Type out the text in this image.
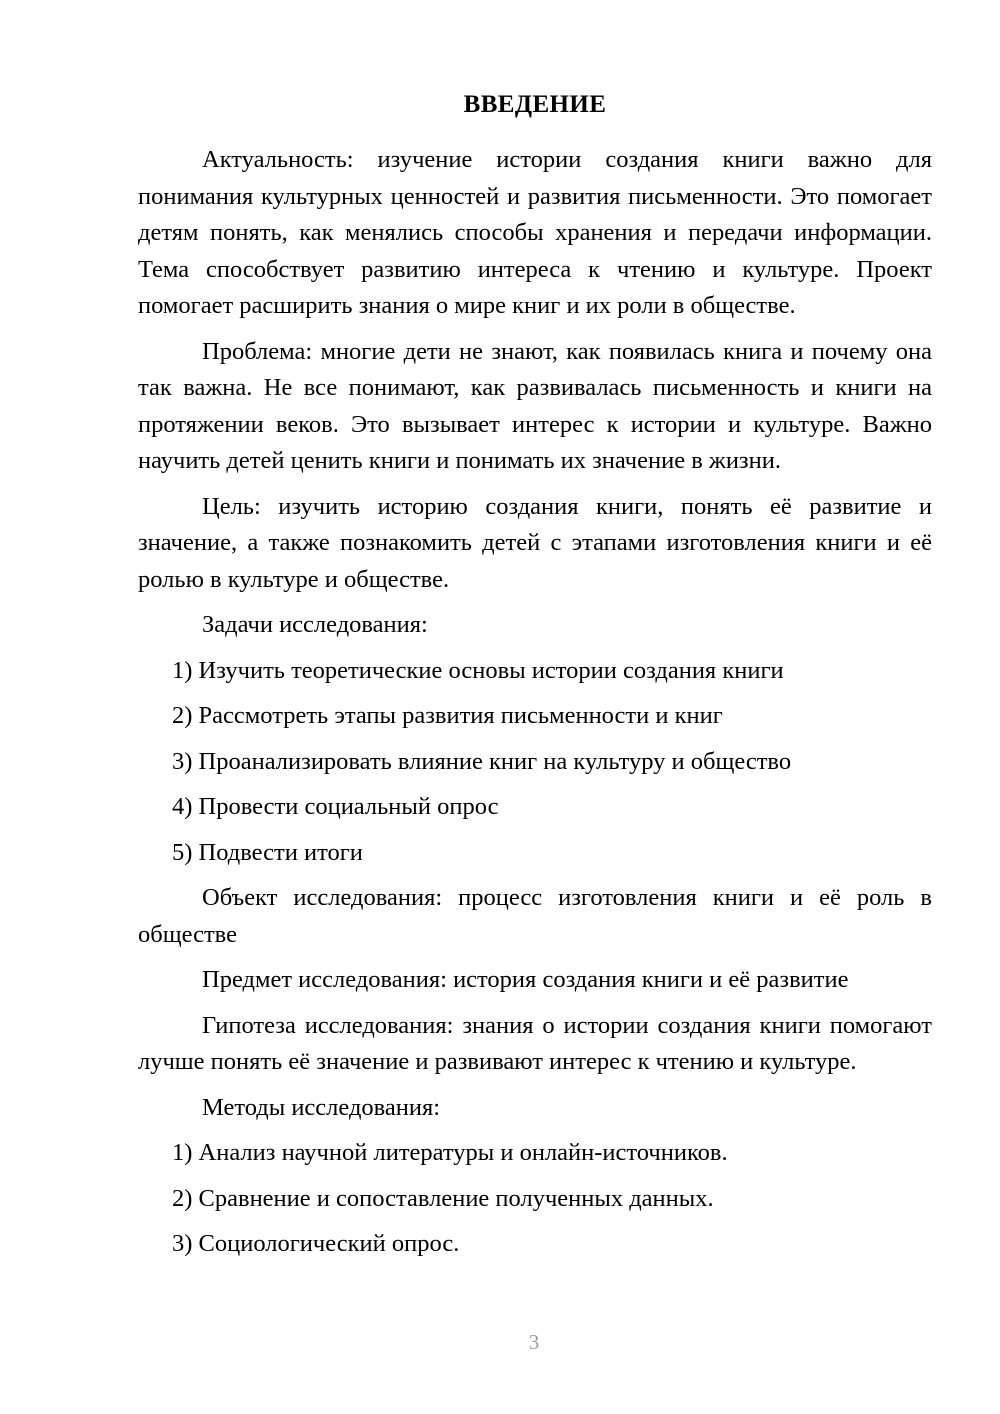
ВВЕДЕНИЕ

Актуальность: изучение истории создания книги важно для понимания культурных ценностей и развития письменности. Это помогает детям понять, как менялись способы хранения и передачи информации. Тема способствует развитию интереса к чтению и культуре. Проект помогает расширить знания о мире книг и их роли в обществе.

Проблема: многие дети не знают, как появилась книга и почему она так важна. Не все понимают, как развивалась письменность и книги на протяжении веков. Это вызывает интерес к истории и культуре. Важно научить детей ценить книги и понимать их значение в жизни.

Цель: изучить историю создания книги, понять её развитие и значение, а также познакомить детей с этапами изготовления книги и её ролью в культуре и обществе.

Задачи исследования:

1) Изучить теоретические основы истории создания книги

2) Рассмотреть этапы развития письменности и книг

3) Проанализировать влияние книг на культуру и общество

4) Провести социальный опрос

5) Подвести итоги

Объект исследования: процесс изготовления книги и её роль в обществе

Предмет исследования: история создания книги и её развитие

Гипотеза исследования: знания о истории создания книги помогают лучше понять её значение и развивают интерес к чтению и культуре.

Методы исследования:

1) Анализ научной литературы и онлайн-источников.

2) Сравнение и сопоставление полученных данных.

3) Социологический опрос.

3
